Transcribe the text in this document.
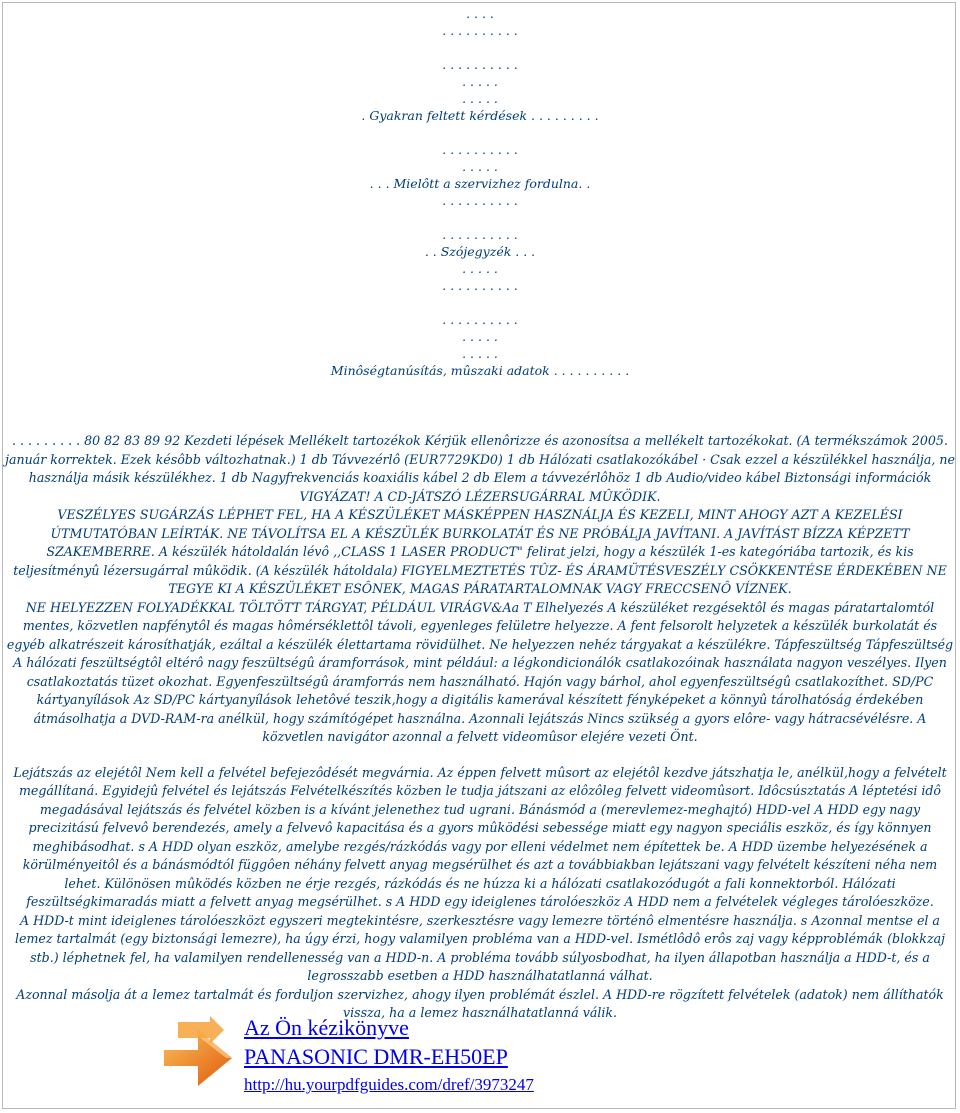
. . . .
. . . . . . . . . .
. . . . . . . . . .
. . . . .
. . . . .
. Gyakran feltett kérdések . . . . . . . . .
. . . . . . . . . .
. . . . .
. . . Mielôtt a szervizhez fordulna. .
. . . . . . . . . .
. . . . . . . . . .
. . Szójegyzék . . .
. . . . .
. . . . . . . . . .
. . . . . . . . . .
. . . . .
. . . . .
Minôségtanúsítás, mûszaki adatok . . . . . . . . . .

. . . . . . . . . 80 82 83 89 92 Kezdeti lépések Mellékelt tartozékok Kérjük ellenôrizze és azonosítsa a mellékelt tartozékokat. (A termékszámok 2005. január korrektek. Ezek késôbb változhatnak.) 1 db Távvezérlô (EUR7729KD0) 1 db Hálózati csatlakozókábel · Csak ezzel a készülékkel használja, ne használja másik készülékhez. 1 db Nagyfrekvenciás koaxiális kábel 2 db Elem a távvezérlôhöz 1 db Audio/video kábel Biztonsági információk VIGYÁZAT! A CD-JÁTSZÓ LÉZERSUGÁRRAL MÛKÖDIK.

VESZÉLYES SUGÁRZÁS LÉPHET FEL, HA A KÉSZÜLÉKET MÁSKÉPPEN HASZNÁLJA ÉS KEZELI, MINT AHOGY AZT A KEZELÉSI ÚTMUTATÓBAN LEÍRTÁK. NE TÁVOLÍTSA EL A KÉSZÜLÉK BURKOLATÁT ÉS NE PRÓBÁLJA JAVÍTANI. A JAVÍTÁST BÍZZA KÉPZETT SZAKEMBERRE. A készülék hátoldalán lévô ,,CLASS 1 LASER PRODUCT" felirat jelzi, hogy a készülék 1-es kategóriába tartozik, és kis teljesítményû lézersugárral mûködik. (A készülék hátoldala) FIGYELMEZTETÉS TÛZ- ÉS ÁRAMÜTÉSVESZÉLY CSÖKKENTÉSE ÉRDEKÉBEN NE TEGYE KI A KÉSZÜLÉKET ESÔNEK, MAGAS PÁRATARTALOMNAK VAGY FRECCSENÔ VÍZNEK.

NE HELYEZZEN FOLYADÉKKAL TÖLTÖTT TÁRGYAT, PÉLDÁUL VIRÁGV&Aa T Elhelyezés A készüléket rezgésektôl és magas páratartalomtól mentes, közvetlen napfénytôl és magas hômérséklettôl távoli, egyenleges felületre helyezze. A fent felsorolt helyzetek a készülék burkolatát és egyéb alkatrészeit károsíthatják, ezáltal a készülék élettartama rövidülhet. Ne helyezzen nehéz tárgyakat a készülékre. Tápfeszültség Tápfeszültség A hálózati feszültségtôl eltérô nagy feszültségû áramforrások, mint például: a légkondicionálók csatlakozóinak használata nagyon veszélyes. Ilyen csatlakoztatás tüzet okozhat. Egyenfeszültségû áramforrás nem használható. Hajón vagy bárhol, ahol egyenfeszültségû csatlakozíthet. SD/PC kártyanyílások Az SD/PC kártyanyílások lehetôvé teszik,hogy a digitális kamerával készített fényképeket a könnyû tárolhatóság érdekében átmásolhatja a DVD-RAM-ra anélkül, hogy számítógépet használna. Azonnali lejátszás Nincs szükség a gyors elôre- vagy hátracsévélésre. A közvetlen navigátor azonnal a felvett videomûsor elejére vezeti Önt.

Lejátszás az elejétôl Nem kell a felvétel befejezôdését megvárnia. Az éppen felvett mûsort az elejétôl kezdve játszhatja le, anélkül,hogy a felvételt megállítaná. Egyidejû felvétel és lejátszás Felvételkészítés közben le tudja játszani az elôzôleg felvett videomûsort. Idôcsúsztatás A léptetési idô megadásával lejátszás és felvétel közben is a kívánt jelenethez tud ugrani. Bánásmód a (merevlemez-meghajtó) HDD-vel A HDD egy nagy precizitású felvevô berendezés, amely a felvevô kapacitása és a gyors mûködési sebessége miatt egy nagyon speciális eszköz, és így könnyen meghibásodhat. s A HDD olyan eszköz, amelybe rezgés/rázkódás vagy por elleni védelmet nem építettek be. A HDD üzembe helyezésének a körülményeitôl és a bánásmódtól függôen néhány felvett anyag megsérülhet és azt a továbbiakban lejátszani vagy felvételt készíteni néha nem lehet. Különösen mûködés közben ne érje rezgés, rázkódás és ne húzza ki a hálózati csatlakozódugót a fali konnektorból. Hálózati feszültségkimaradás miatt a felvett anyag megsérülhet. s A HDD egy ideiglenes tárolóeszköz A HDD nem a felvételek végleges tárolóeszköze.

A HDD-t mint ideiglenes tárolóeszközt egyszeri megtekintésre, szerkesztésre vagy lemezre történô elmentésre használja. s Azonnal mentse el a lemez tartalmát (egy biztonsági lemezre), ha úgy érzi, hogy valamilyen probléma van a HDD-vel. Ismétlôdô erôs zaj vagy képproblémák (blokkzaj stb.) léphetnek fel, ha valamilyen rendellenesség van a HDD-n. A probléma tovább súlyosbodhat, ha ilyen állapotban használja a HDD-t, és a legrosszabb esetben a HDD használhatatlanná válhat.

Azonnal másolja át a lemez tartalmát és forduljon szervizhez, ahogy ilyen problémát észlel. A HDD-re rögzített felvételek (adatok) nem állíthatók vissza, ha a lemez használhatatlanná válik.

Az Ön kézikönyve
PANASONIC DMR-EH50EP
http://hu.yourpdfguides.com/dref/3973247
